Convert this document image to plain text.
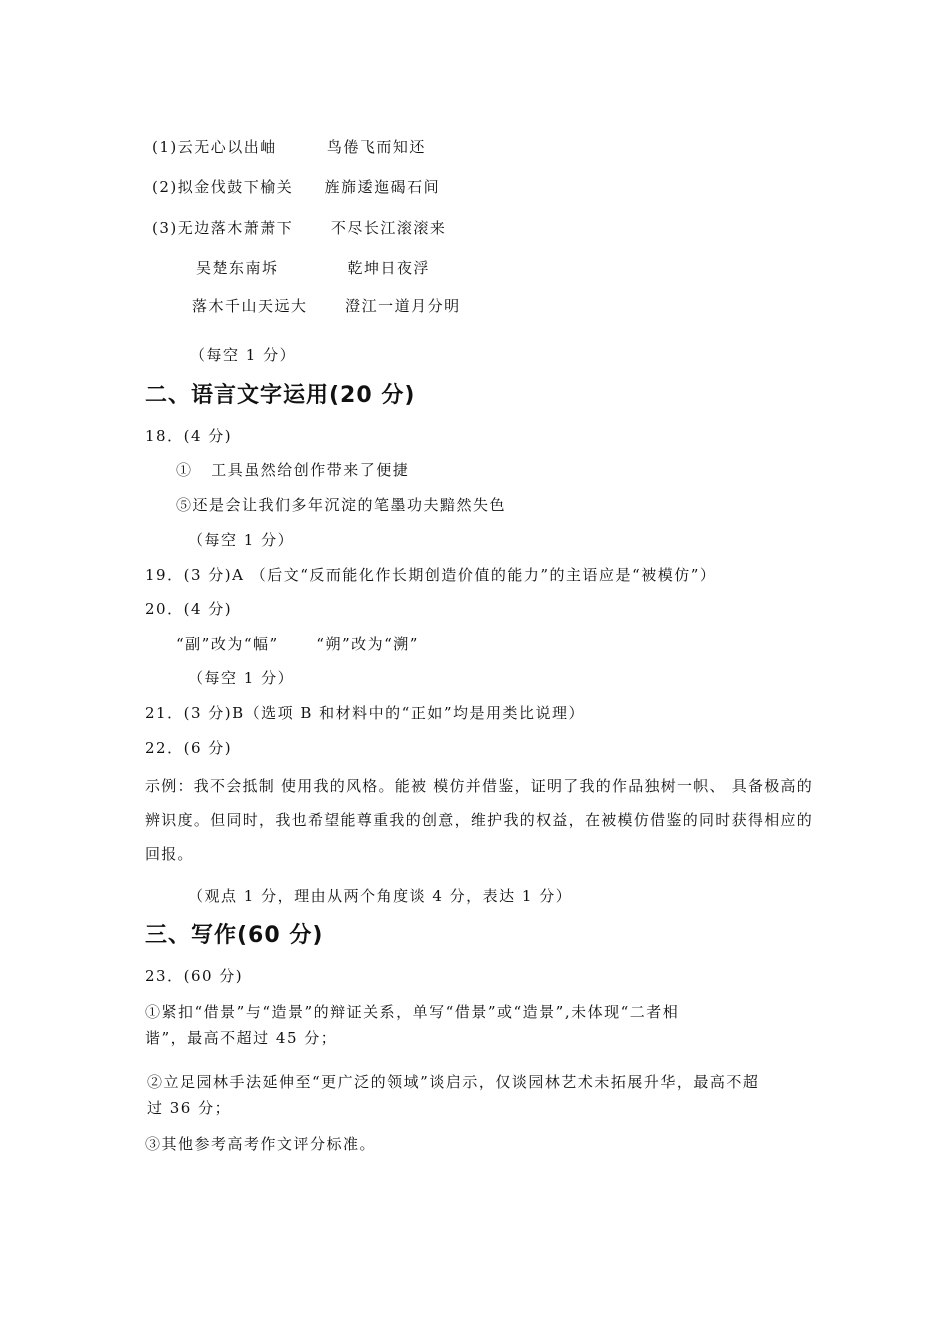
(1)云无心以出岫        鸟倦飞而知还
(2)拟金伐鼓下榆关     旌旆逶迤碣石间
(3)无边落木萧萧下      不尽长江滚滚来
吴楚东南坼           乾坤日夜浮
落木千山天远大      澄江一道月分明
（每空 1 分）
二、语言文字运用(20 分)
18．(4 分)
①   工具虽然给创作带来了便捷
⑤还是会让我们多年沉淀的笔墨功夫黯然失色
（每空 1 分）
19．(3 分)A （后文“反而能化作长期创造价值的能力”的主语应是“被模仿”）
20．(4 分)
“副”改为“幅”      “朔”改为“溯”
（每空 1 分）
21．(3 分)B（选项 B 和材料中的“正如”均是用类比说理）
22．(6 分)
示例：我不会抵制 使用我的风格。能被 模仿并借鉴，证明了我的作品独树一帜、 具备极高的辨识度。但同时，我也希望能尊重我的创意，维护我的权益，在被模仿借鉴的同时获得相应的回报。
（观点 1 分，理由从两个角度谈 4 分，表达 1 分）
三、写作(60 分)
23．(60 分)
①紧扣“借景”与“造景”的辩证关系，单写“借景”或“造景”,未体现“二者相
谐”，最高不超过 45 分；
②立足园林手法延伸至“更广泛的领域”谈启示，仅谈园林艺术未拓展升华，最高不超
过 36 分；
③其他参考高考作文评分标准。
